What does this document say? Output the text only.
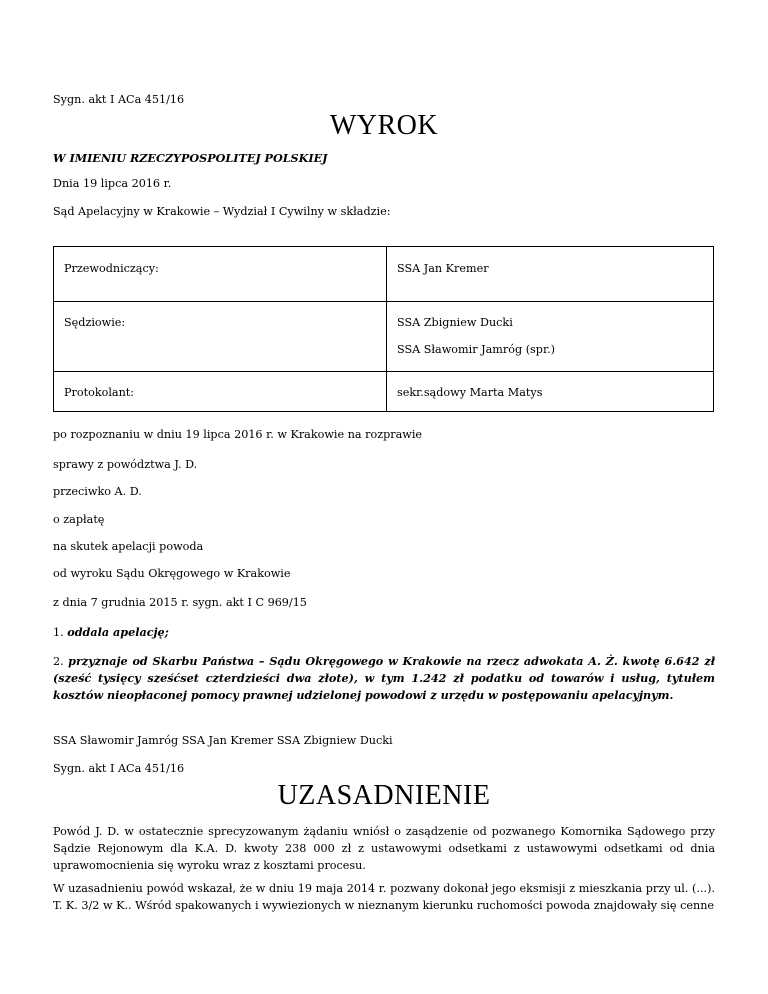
Sygn. akt I ACa 451/16
WYROK
W IMIENIU RZECZYPOSPOLITEJ POLSKIEJ
Dnia 19 lipca 2016 r.
Sąd Apelacyjny w Krakowie – Wydział I Cywilny w składzie:
Przewodniczący:	SSA Jan Kremer
Sędziowie:	SSA Zbigniew Ducki
SSA Sławomir Jamróg (spr.)

Protokolant:	sekr.sądowy Marta Matys
po rozpoznaniu w dniu 19 lipca 2016 r. w Krakowie na rozprawie
sprawy z powództwa J. D.
przeciwko A. D.
o zapłatę
na skutek apelacji powoda
od wyroku Sądu Okręgowego w Krakowie
z dnia 7 grudnia 2015 r. sygn. akt I C 969/15
1. oddala apelację;
2. przyznaje od Skarbu Państwa – Sądu Okręgowego w Krakowie na rzecz adwokata A. Ż. kwotę 6.642 zł (sześć tysięcy sześćset czterdzieści dwa złote), w tym 1.242 zł podatku od towarów i usług, tytułem kosztów nieopłaconej pomocy prawnej udzielonej powodowi z urzędu w postępowaniu apelacyjnym.
SSA Sławomir Jamróg SSA Jan Kremer SSA Zbigniew Ducki
Sygn. akt I ACa 451/16
UZASADNIENIE
Powód J. D. w ostatecznie sprecyzowanym żądaniu wniósł o zasądzenie od pozwanego Komornika Sądowego przy Sądzie Rejonowym dla K.A. D. kwoty 238 000 zł z ustawowymi odsetkami z ustawowymi odsetkami od dnia uprawomocnienia się wyroku wraz z kosztami procesu.
W uzasadnieniu powód wskazał, że w dniu 19 maja 2014 r. pozwany dokonał jego eksmisji z mieszkania przy ul. (...). T. K. 3/2 w K.. Wśród spakowanych i wywiezionych w nieznanym kierunku ruchomości powoda znajdowały się cenne
